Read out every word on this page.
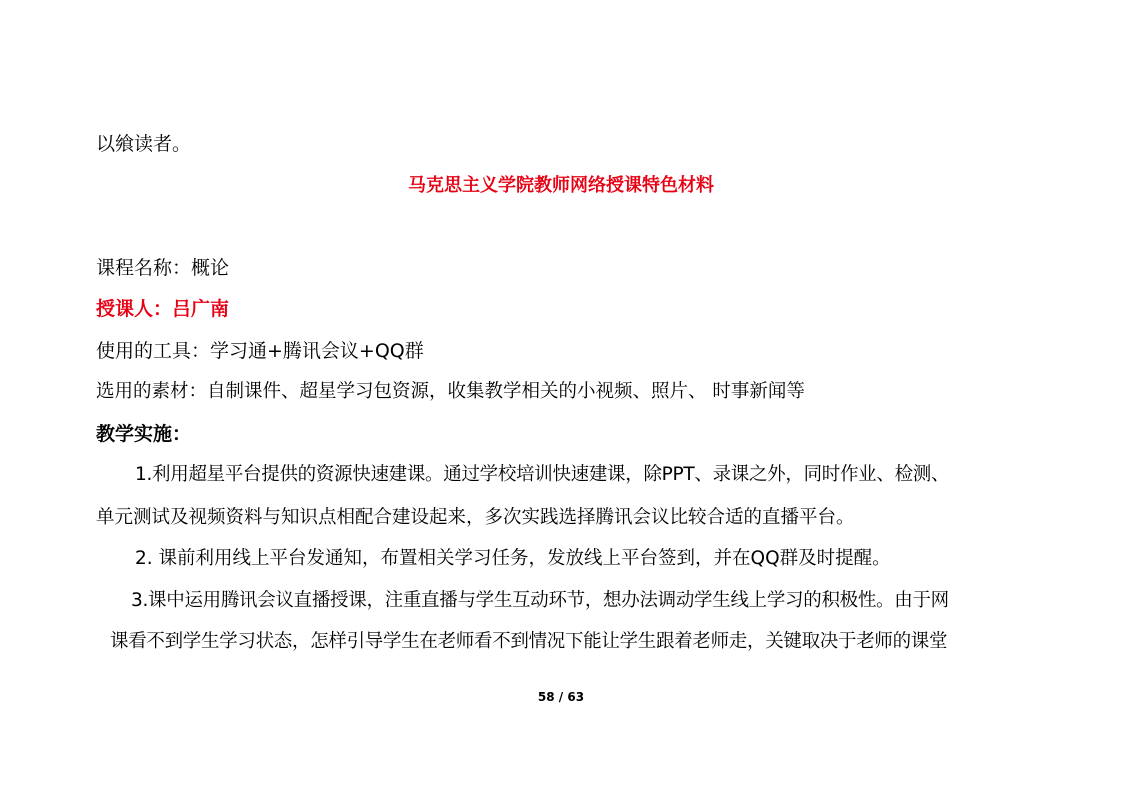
以飨读者。
马克思主义学院教师网络授课特色材料
课程名称：概论
授课人：吕广南
使用的工具：学习通+腾讯会议+QQ群
选用的素材：自制课件、超星学习包资源，收集教学相关的小视频、照片、 时事新闻等
教学实施：
1.利用超星平台提供的资源快速建课。通过学校培训快速建课，除PPT、录课之外，同时作业、检测、
单元测试及视频资料与知识点相配合建设起来，多次实践选择腾讯会议比较合适的直播平台。
2. 课前利用线上平台发通知，布置相关学习任务，发放线上平台签到，并在QQ群及时提醒。
3.课中运用腾讯会议直播授课，注重直播与学生互动环节，想办法调动学生线上学习的积极性。由于网
课看不到学生学习状态，怎样引导学生在老师看不到情况下能让学生跟着老师走，关键取决于老师的课堂
58 / 63
